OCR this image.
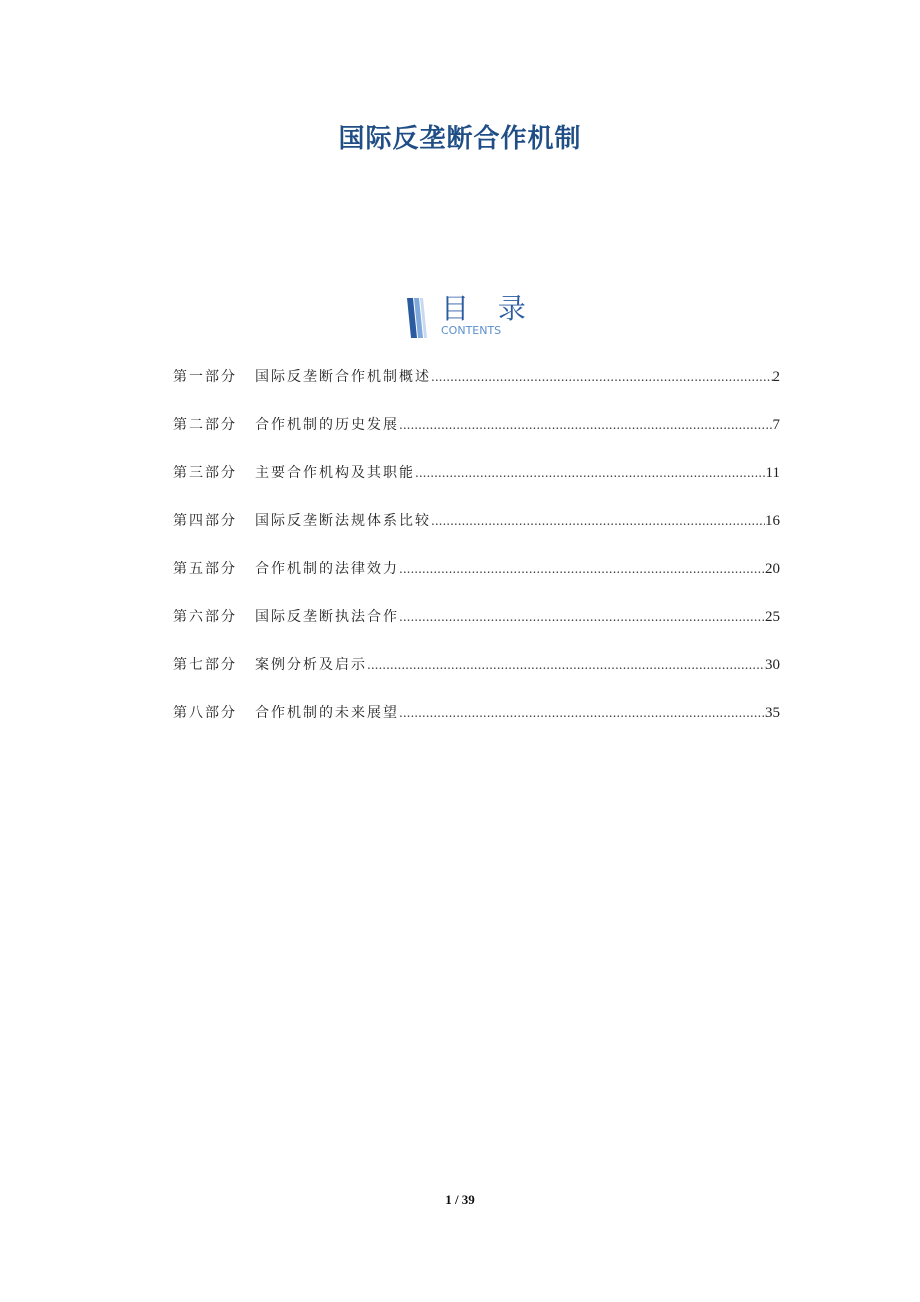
国际反垄断合作机制
目 录
CONTENTS
第一部分	国际反垄断合作机制概述 .....	2
第二部分	合作机制的历史发展 .....	7
第三部分	主要合作机构及其职能 .....	11
第四部分	国际反垄断法规体系比较 .....	16
第五部分	合作机制的法律效力 .....	20
第六部分	国际反垄断执法合作 .....	25
第七部分	案例分析及启示 .....	30
第八部分	合作机制的未来展望 .....	35
1 / 39
